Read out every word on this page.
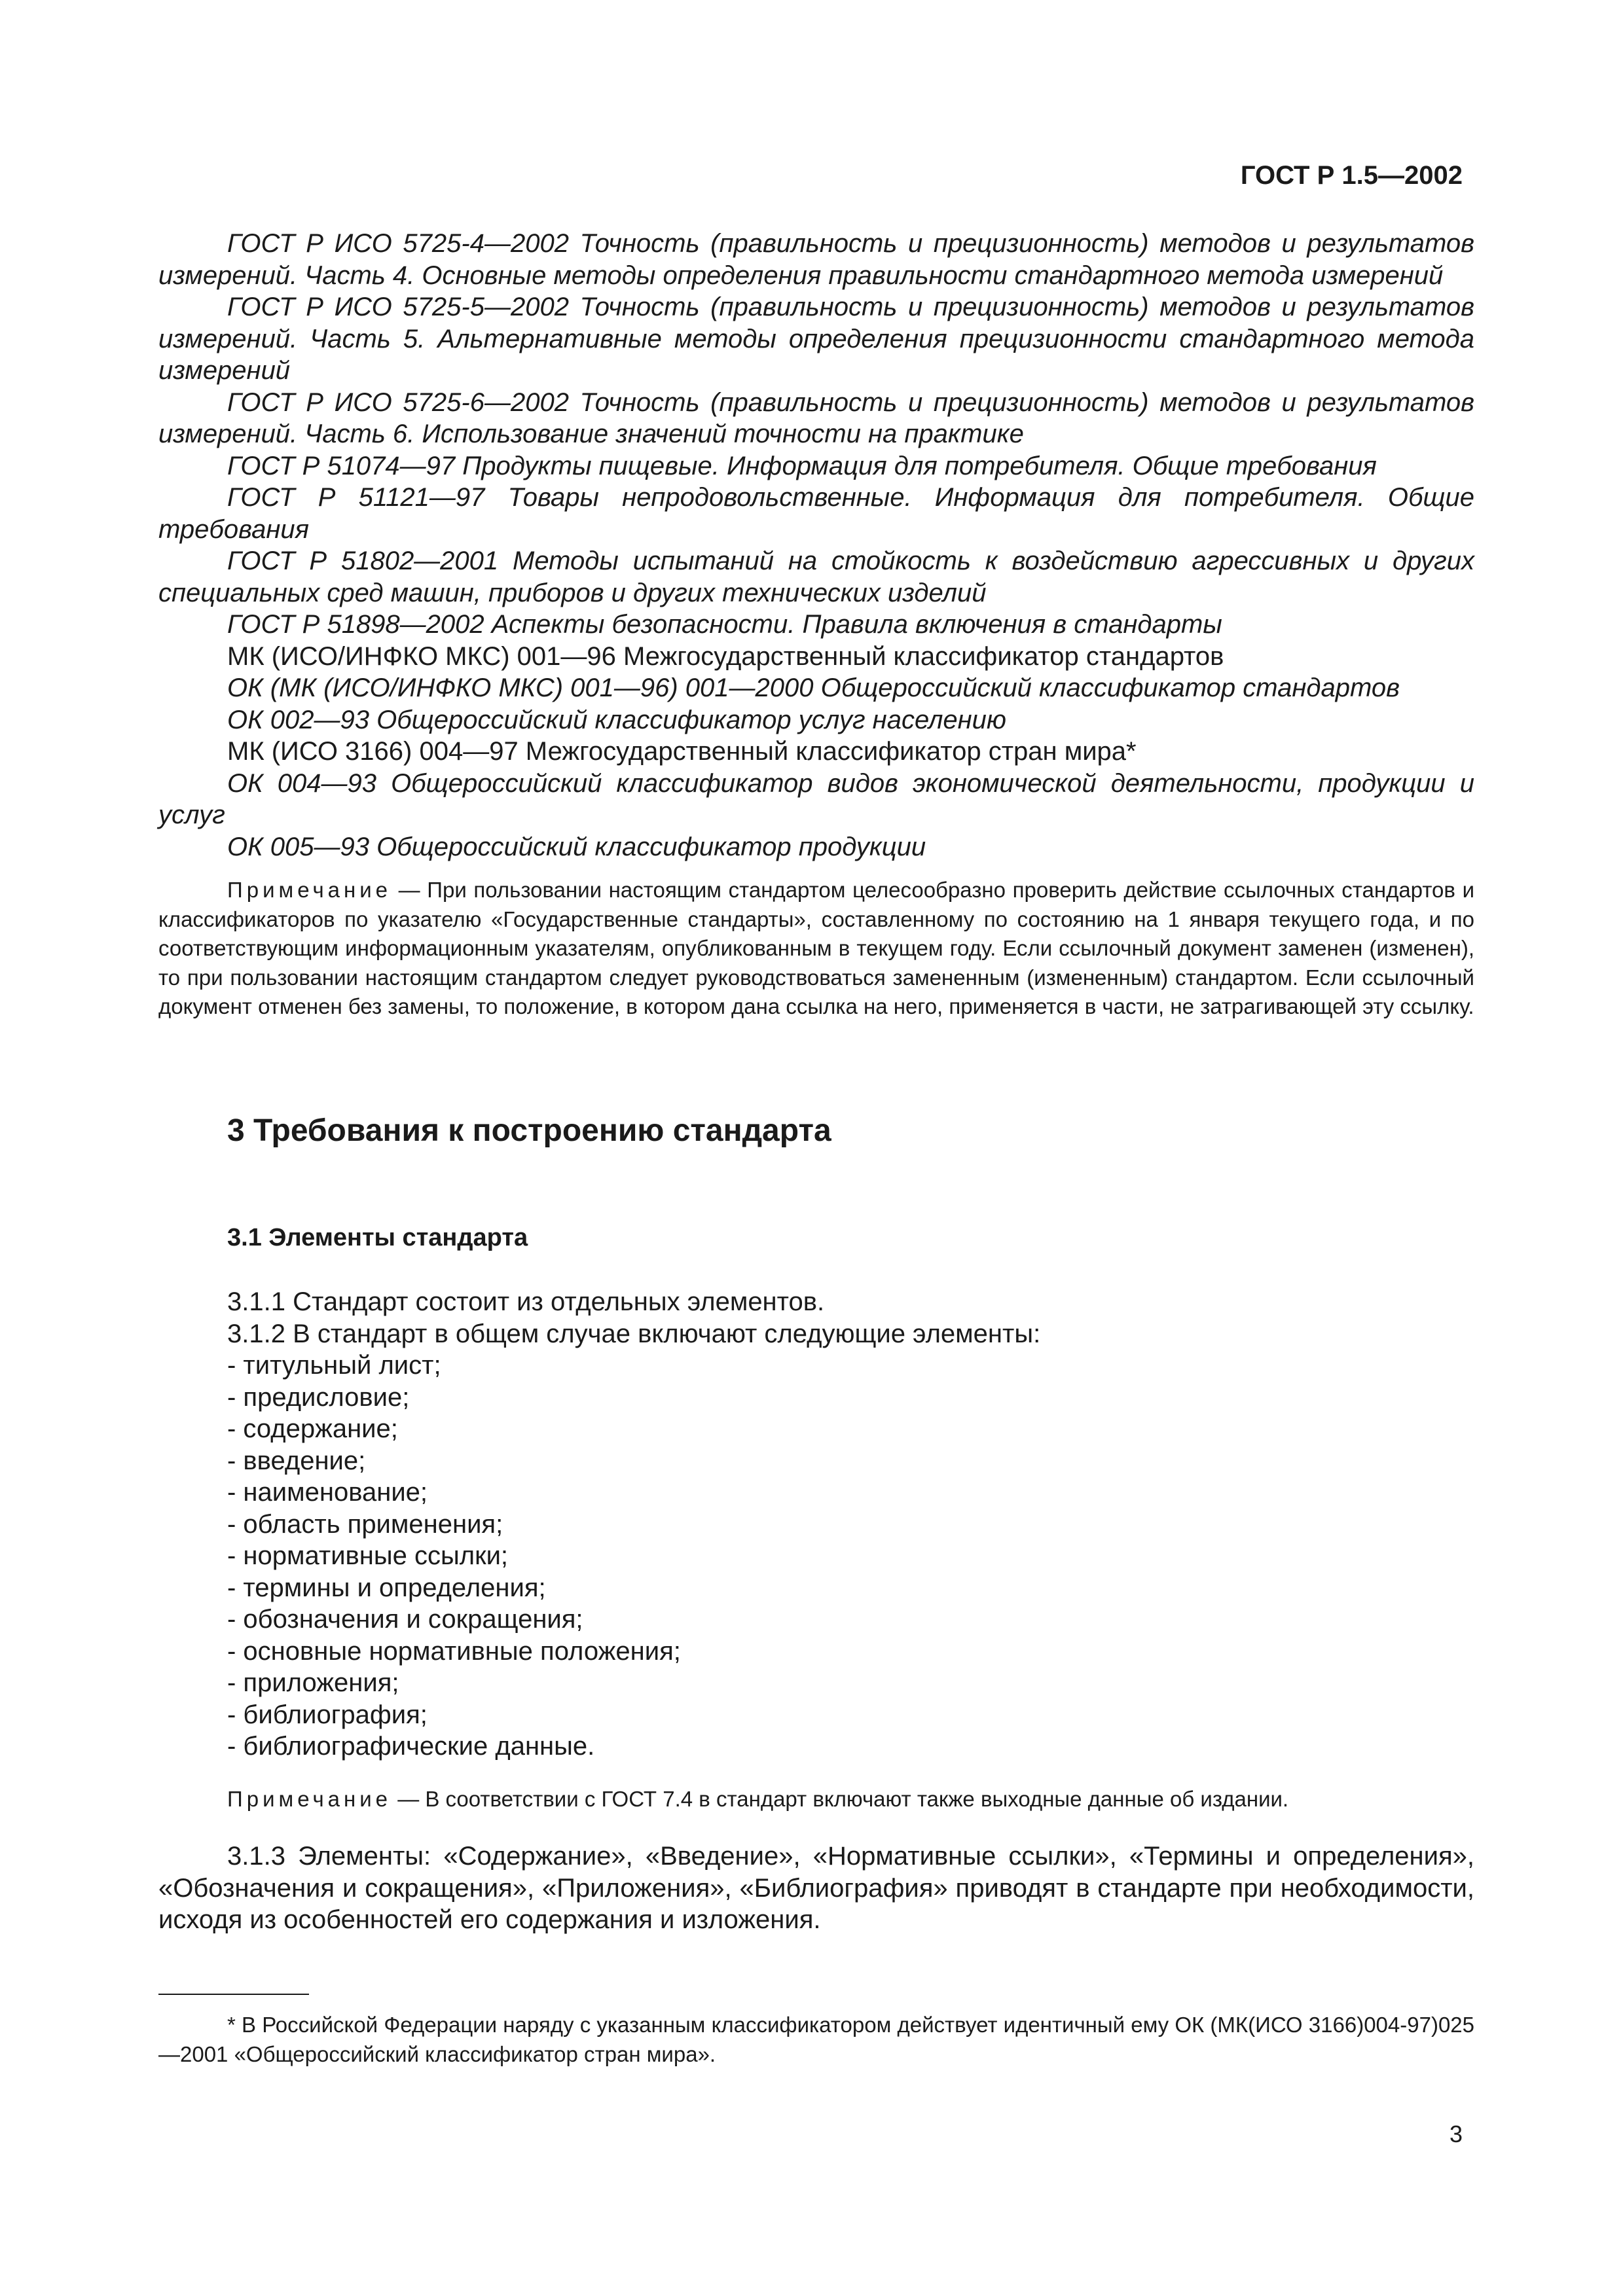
ГОСТ Р 1.5—2002

ГОСТ Р ИСО 5725-4—2002 Точность (правильность и прецизионность) методов и результатов измерений. Часть 4. Основные методы определения правильности стандартного метода измерений

ГОСТ Р ИСО 5725-5—2002 Точность (правильность и прецизионность) методов и результатов измерений. Часть 5. Альтернативные методы определения прецизионности стандартного метода измерений

ГОСТ Р ИСО 5725-6—2002 Точность (правильность и прецизионность) методов и результатов измерений. Часть 6. Использование значений точности на практике

ГОСТ Р 51074—97 Продукты пищевые. Информация для потребителя. Общие требования

ГОСТ Р 51121—97 Товары непродовольственные. Информация для потребителя. Общие требования

ГОСТ Р 51802—2001 Методы испытаний на стойкость к воздействию агрессивных и других специальных сред машин, приборов и других технических изделий

ГОСТ Р 51898—2002 Аспекты безопасности. Правила включения в стандарты

МК (ИСО/ИНФКО МКС) 001—96 Межгосударственный классификатор стандартов

ОК (МК (ИСО/ИНФКО МКС) 001—96) 001—2000 Общероссийский классификатор стандартов

ОК 002—93 Общероссийский классификатор услуг населению

МК (ИСО 3166) 004—97 Межгосударственный классификатор стран мира*

ОК 004—93 Общероссийский классификатор видов экономической деятельности, продукции и услуг

ОК 005—93 Общероссийский классификатор продукции

Примечание — При пользовании настоящим стандартом целесообразно проверить действие ссылочных стандартов и классификаторов по указателю «Государственные стандарты», составленному по состоянию на 1 января текущего года, и по соответствующим информационным указателям, опубликованным в текущем году. Если ссылочный документ заменен (изменен), то при пользовании настоящим стандартом следует руководствоваться замененным (измененным) стандартом. Если ссылочный документ отменен без замены, то положение, в котором дана ссылка на него, применяется в части, не затрагивающей эту ссылку.
3 Требования к построению стандарта
3.1 Элементы стандарта

3.1.1 Стандарт состоит из отдельных элементов.

3.1.2 В стандарт в общем случае включают следующие элементы:

- титульный лист;
- предисловие;
- содержание;
- введение;
- наименование;
- область применения;
- нормативные ссылки;
- термины и определения;
- обозначения и сокращения;
- основные нормативные положения;
- приложения;
- библиография;
- библиографические данные.
Примечание — В соответствии с ГОСТ 7.4 в стандарт включают также выходные данные об издании.
3.1.3 Элементы: «Содержание», «Введение», «Нормативные ссылки», «Термины и определения», «Обозначения и сокращения», «Приложения», «Библиография» приводят в стандарте при необходимости, исходя из особенностей его содержания и изложения.
* В Российской Федерации наряду с указанным классификатором действует идентичный ему ОК (МК(ИСО 3166)004-97)025—2001 «Общероссийский классификатор стран мира».
3
